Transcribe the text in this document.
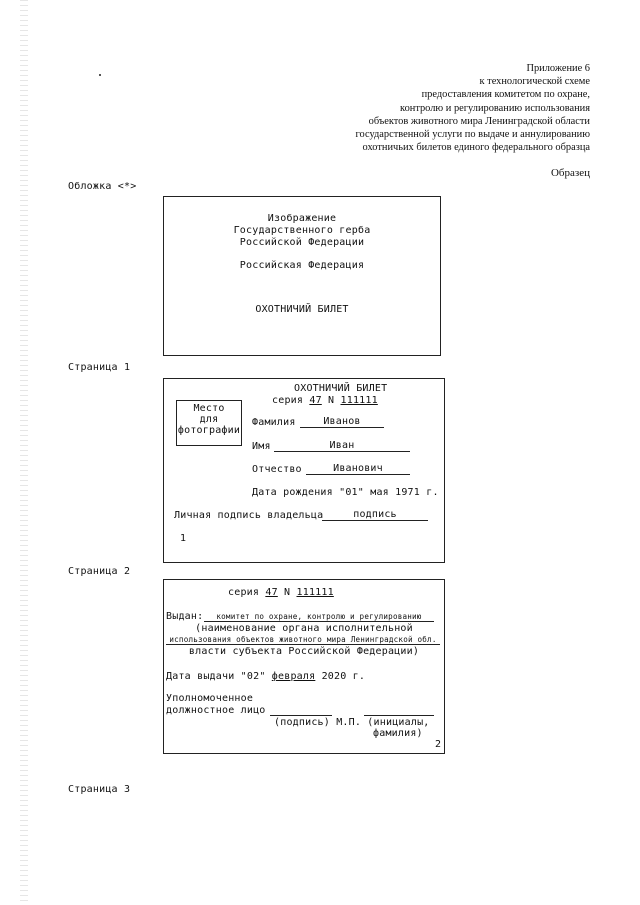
Приложение 6
к технологической схеме
предоставления комитетом по охране,
контролю и регулированию использования
объектов животного мира Ленинградской области
государственной услуги по выдаче и аннулированию
охотничьих билетов единого федерального образца
Образец
Обложка <*>
Изображение
Государственного герба
Российской Федерации
Российская Федерация
ОХОТНИЧИЙ БИЛЕТ
Страница 1
ОХОТНИЧИЙ БИЛЕТ
серия 47 N 111111
Место
для
фотографии
Фамилия	Иванов
Имя	Иван
Отчество	Иванович
Дата рождения "01" мая 1971 г.
Личная подпись владельца	подпись
1
Страница 2
серия 47 N 111111
Выдан:	комитет по охране, контролю и регулированию
(наименование органа исполнительной
использования объектов животного мира Ленинградской обл.
власти субъекта Российской Федерации)
Дата выдачи "02" февраля 2020 г.
Уполномоченное
должностное лицо
(подпись) М.П. (инициалы,
фамилия)
2
Страница 3
